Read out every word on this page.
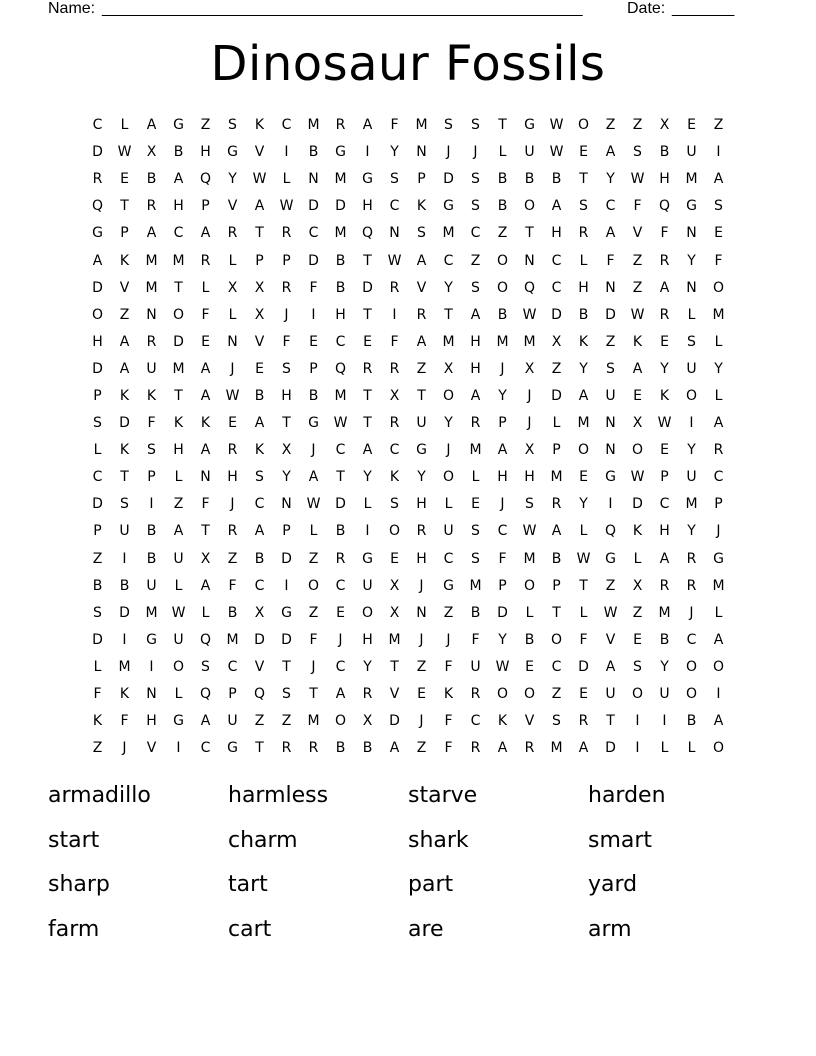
Name: ______________________________________________________	Date: _______
Dinosaur Fossils
C	L	A	G	Z	S	K	C	M	R	A	F	M	S	S	T	G	W	O	Z	Z	X	E	Z
D	W	X	B	H	G	V	I	B	G	I	Y	N	J	J	L	U	W	E	A	S	B	U	I
R	E	B	A	Q	Y	W	L	N	M	G	S	P	D	S	B	B	B	T	Y	W	H	M	A
Q	T	R	H	P	V	A	W	D	D	H	C	K	G	S	B	O	A	S	C	F	Q	G	S
G	P	A	C	A	R	T	R	C	M	Q	N	S	M	C	Z	T	H	R	A	V	F	N	E
A	K	M	M	R	L	P	P	D	B	T	W	A	C	Z	O	N	C	L	F	Z	R	Y	F
D	V	M	T	L	X	X	R	F	B	D	R	V	Y	S	O	Q	C	H	N	Z	A	N	O
O	Z	N	O	F	L	X	J	I	H	T	I	R	T	A	B	W	D	B	D	W	R	L	M
H	A	R	D	E	N	V	F	E	C	E	F	A	M	H	M	M	X	K	Z	K	E	S	L
D	A	U	M	A	J	E	S	P	Q	R	R	Z	X	H	J	X	Z	Y	S	A	Y	U	Y
P	K	K	T	A	W	B	H	B	M	T	X	T	O	A	Y	J	D	A	U	E	K	O	L
S	D	F	K	K	E	A	T	G	W	T	R	U	Y	R	P	J	L	M	N	X	W	I	A
L	K	S	H	A	R	K	X	J	C	A	C	G	J	M	A	X	P	O	N	O	E	Y	R
C	T	P	L	N	H	S	Y	A	T	Y	K	Y	O	L	H	H	M	E	G	W	P	U	C
D	S	I	Z	F	J	C	N	W	D	L	S	H	L	E	J	S	R	Y	I	D	C	M	P
P	U	B	A	T	R	A	P	L	B	I	O	R	U	S	C	W	A	L	Q	K	H	Y	J
Z	I	B	U	X	Z	B	D	Z	R	G	E	H	C	S	F	M	B	W	G	L	A	R	G
B	B	U	L	A	F	C	I	O	C	U	X	J	G	M	P	O	P	T	Z	X	R	R	M
S	D	M	W	L	B	X	G	Z	E	O	X	N	Z	B	D	L	T	L	W	Z	M	J	L
D	I	G	U	Q	M	D	D	F	J	H	M	J	J	F	Y	B	O	F	V	E	B	C	A
L	M	I	O	S	C	V	T	J	C	Y	T	Z	F	U	W	E	C	D	A	S	Y	O	O
F	K	N	L	Q	P	Q	S	T	A	R	V	E	K	R	O	O	Z	E	U	O	U	O	I
K	F	H	G	A	U	Z	Z	M	O	X	D	J	F	C	K	V	S	R	T	I	I	B	A
Z	J	V	I	C	G	T	R	R	B	B	A	Z	F	R	A	R	M	A	D	I	L	L	O
armadillo	harmless	starve	harden
start	charm	shark	smart
sharp	tart	part	yard
farm	cart	are	arm
